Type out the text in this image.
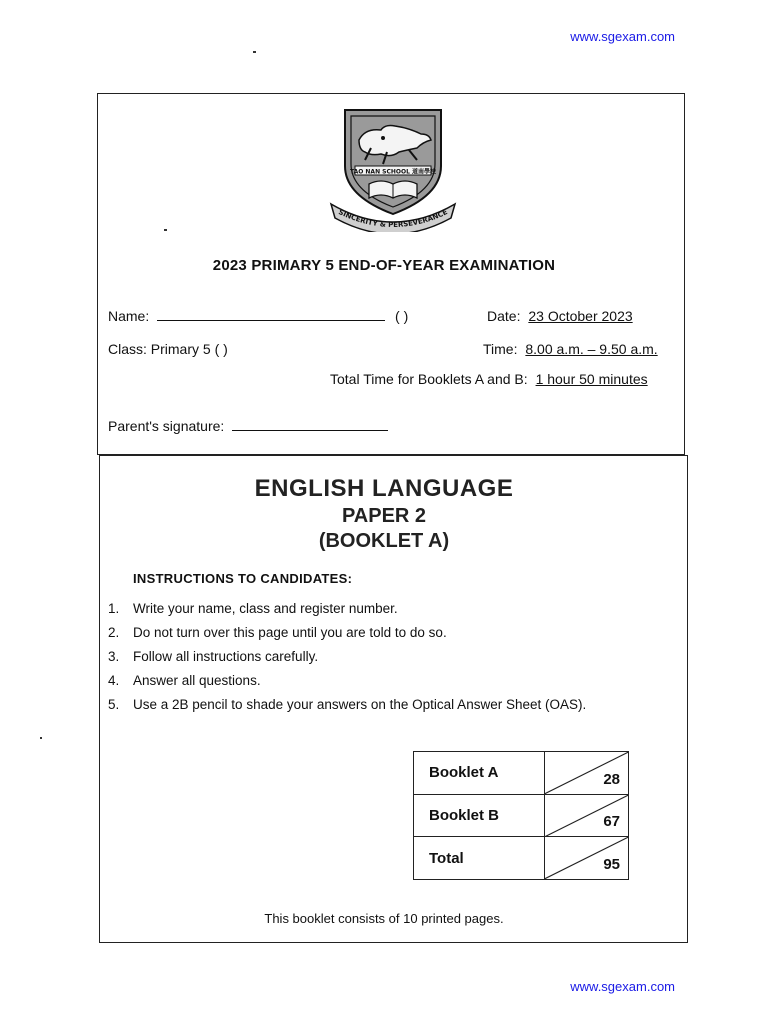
www.sgexam.com
www.sgexam.com
TAO NAN SCHOOL 道南學校
SINCERITY & PERSEVERANCE
2023 PRIMARY 5 END-OF-YEAR EXAMINATION
Name:	( )	Date: 23 October 2023
Class: Primary 5 ( )	Time: 8.00 a.m. – 9.50 a.m.
Total Time for Booklets A and B: 1 hour 50 minutes
Parent's signature:
ENGLISH LANGUAGE
PAPER 2
(BOOKLET A)
INSTRUCTIONS TO CANDIDATES:
1. Write your name, class and register number.
2. Do not turn over this page until you are told to do so.
3. Follow all instructions carefully.
4. Answer all questions.
5. Use a 2B pencil to shade your answers on the Optical Answer Sheet (OAS).
Booklet A	28

Booklet B	67

Total	95
This booklet consists of 10 printed pages.
